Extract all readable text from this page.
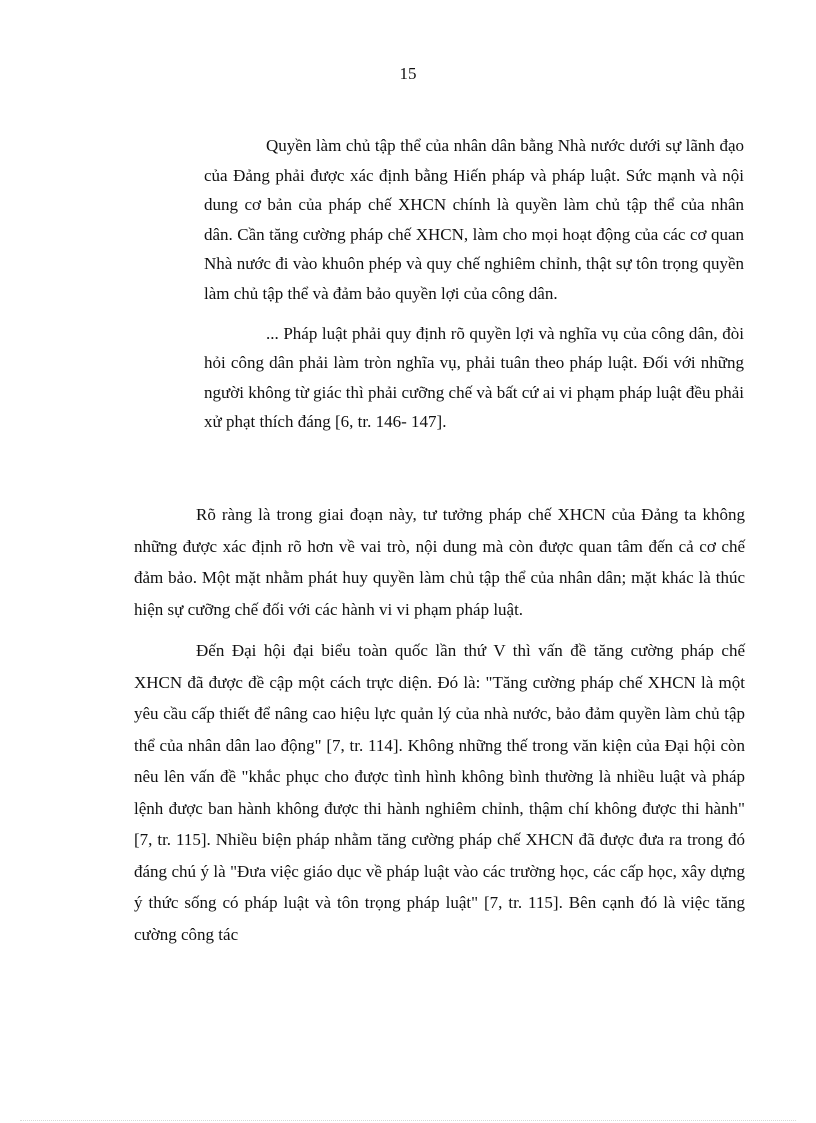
15

Quyền làm chủ tập thể của nhân dân bằng Nhà nước dưới sự lãnh đạo của Đảng phải được xác định bằng Hiến pháp và pháp luật. Sức mạnh và nội dung cơ bản của pháp chế XHCN chính là quyền làm chủ tập thể của nhân dân. Cần tăng cường pháp chế XHCN, làm cho mọi hoạt động của các cơ quan Nhà nước đi vào khuôn phép và quy chế nghiêm chỉnh, thật sự tôn trọng quyền làm chủ tập thể và đảm bảo quyền lợi của công dân.

... Pháp luật phải quy định rõ quyền lợi và nghĩa vụ của công dân, đòi hỏi công dân phải làm tròn nghĩa vụ, phải tuân theo pháp luật. Đối với những người không từ giác thì phải cưỡng chế và bất cứ ai vi phạm pháp luật đều phải xử phạt thích đáng [6, tr. 146- 147].

Rõ ràng là trong giai đoạn này, tư tưởng pháp chế XHCN của Đảng ta không những được xác định rõ hơn về vai trò, nội dung mà còn được quan tâm đến cả cơ chế đảm bảo. Một mặt nhằm phát huy quyền làm chủ tập thể của nhân dân; mặt khác là thúc hiện sự cưỡng chế đối với các hành vi vi phạm pháp luật.

Đến Đại hội đại biểu toàn quốc lần thứ V thì vấn đề tăng cường pháp chế XHCN đã được đề cập một cách trực diện. Đó là: "Tăng cường pháp chế XHCN là một yêu cầu cấp thiết để nâng cao hiệu lực quản lý của nhà nước, bảo đảm quyền làm chủ tập thể của nhân dân lao động" [7, tr. 114]. Không những thế trong văn kiện của Đại hội còn nêu lên vấn đề "khắc phục cho được tình hình không bình thường là nhiều luật và pháp lệnh được ban hành không được thi hành nghiêm chỉnh, thậm chí không được thi hành" [7, tr. 115]. Nhiều biện pháp nhằm tăng cường pháp chế XHCN đã được đưa ra trong đó đáng chú ý là "Đưa việc giáo dục về pháp luật vào các trường học, các cấp học, xây dựng ý thức sống có pháp luật và tôn trọng pháp luật" [7, tr. 115]. Bên cạnh đó là việc tăng cường công tác
